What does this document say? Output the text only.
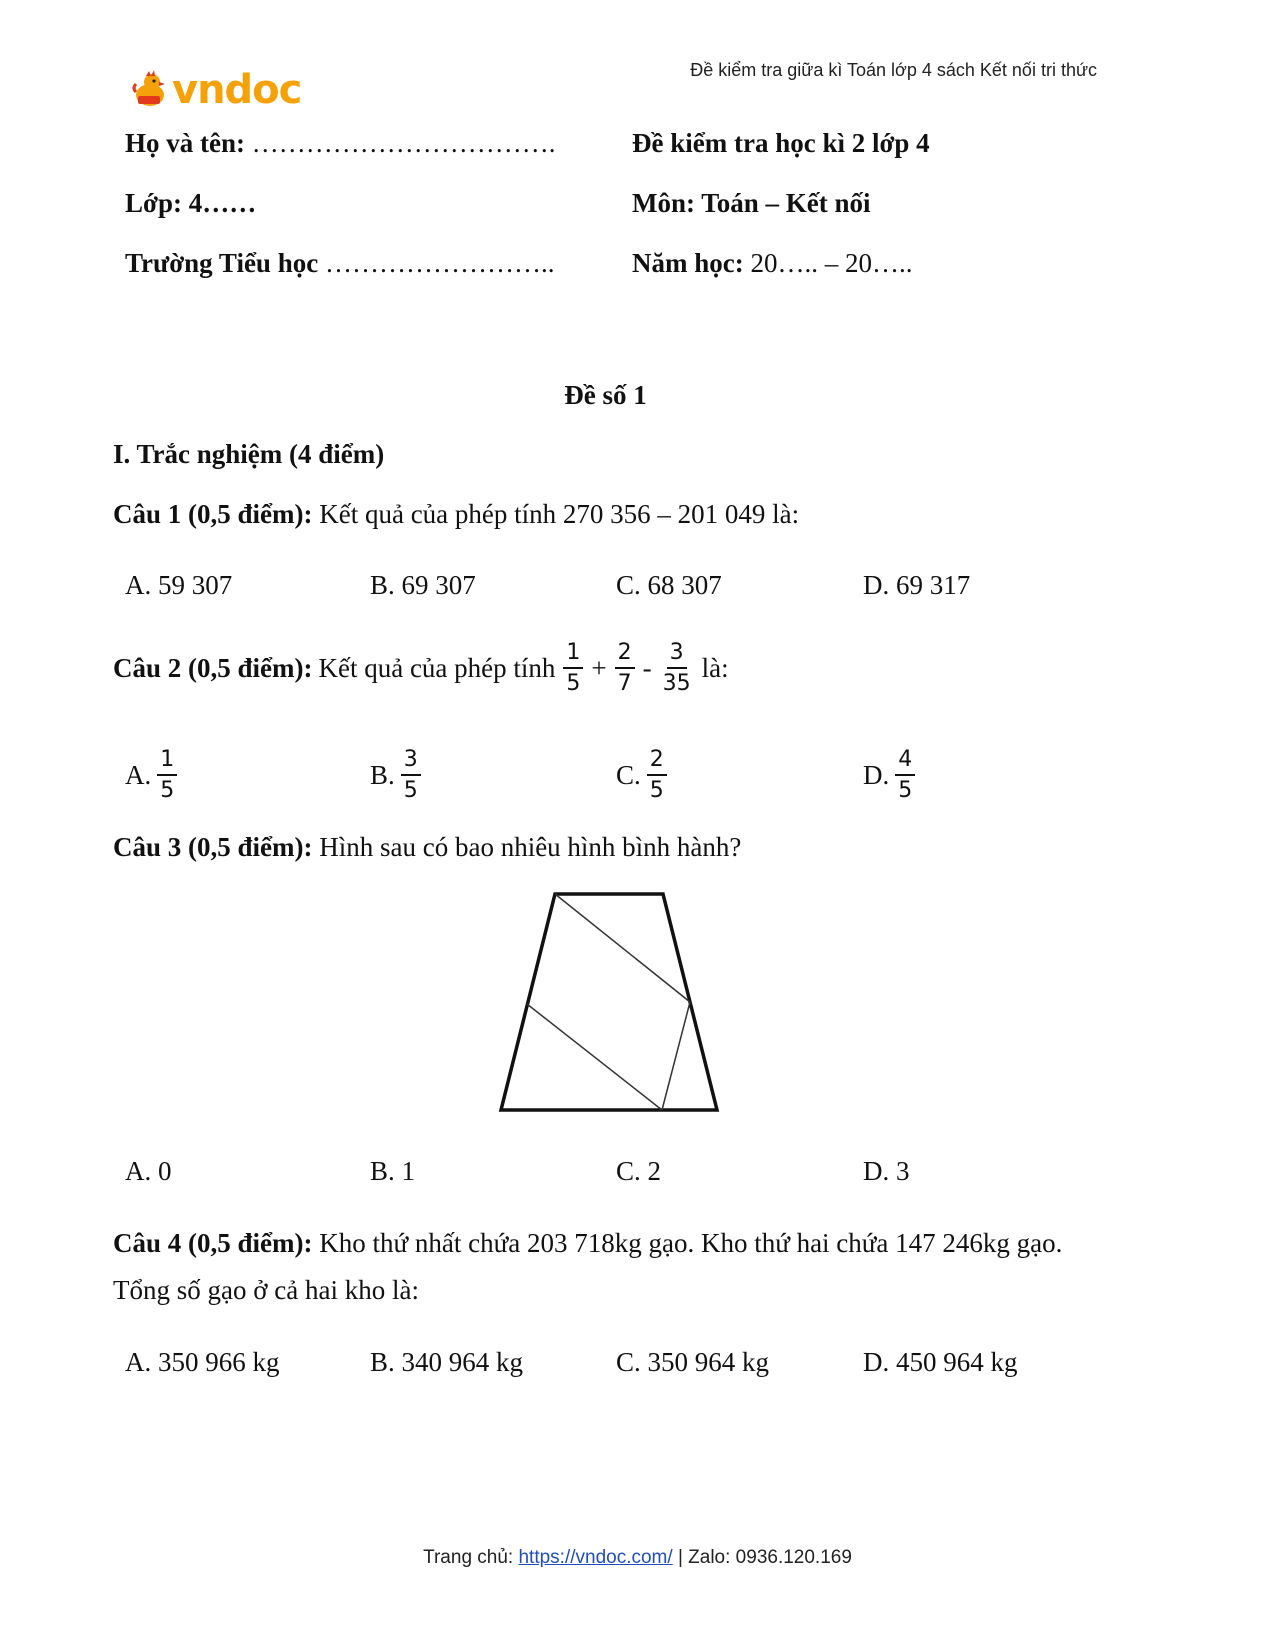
Đề kiểm tra giữa kì Toán lớp 4 sách Kết nối tri thức
vndoc
Họ và tên: …………………………….
Lớp: 4……
Trường Tiểu học ……………………..
Đề kiểm tra học kì 2 lớp 4
Môn: Toán – Kết nối
Năm học: 20….. – 20…..
Đề số 1
I. Trắc nghiệm (4 điểm)
Câu 1 (0,5 điểm): Kết quả của phép tính 270 356 – 201 049 là:
A. 59 307	B. 69 307	C. 68 307	D. 69 317
Câu 2 (0,5 điểm): Kết quả của phép tính $\frac{1}{5} + \frac{2}{7} - \frac{3}{35}$ là:
A. $\frac{1}{5}$	B. $\frac{3}{5}$	C. $\frac{2}{5}$	D. $\frac{4}{5}$
Câu 3 (0,5 điểm): Hình sau có bao nhiêu hình bình hành?
A. 0	B. 1	C. 2	D. 3
Câu 4 (0,5 điểm): Kho thứ nhất chứa 203 718kg gạo. Kho thứ hai chứa 147 246kg gạo.
Tổng số gạo ở cả hai kho là:
A. 350 966 kg	B. 340 964 kg	C. 350 964 kg	D. 450 964 kg
Trang chủ: https://vndoc.com/ | Zalo: 0936.120.169
